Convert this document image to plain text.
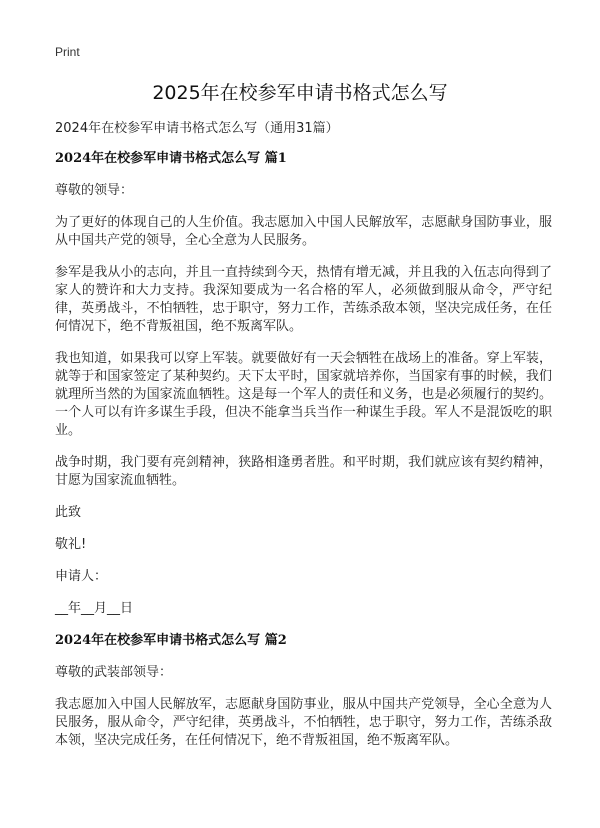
Print
2025年在校参军申请书格式怎么写

2024年在校参军申请书格式怎么写（通用31篇）

2024年在校参军申请书格式怎么写 篇1

尊敬的领导：

为了更好的体现自己的人生价值。我志愿加入中国人民解放军，志愿献身国防事业，服从中国共产党的领导，全心全意为人民服务。

参军是我从小的志向，并且一直持续到今天，热情有增无减，并且我的入伍志向得到了家人的赞许和大力支持。我深知要成为一名合格的军人，必须做到服从命令，严守纪律，英勇战斗，不怕牺牲，忠于职守，努力工作，苦练杀敌本领，坚决完成任务，在任何情况下，绝不背叛祖国，绝不叛离军队。

我也知道，如果我可以穿上军装。就要做好有一天会牺牲在战场上的准备。穿上军装，就等于和国家签定了某种契约。天下太平时，国家就培养你，当国家有事的时候，我们就理所当然的为国家流血牺牲。这是每一个军人的责任和义务，也是必须履行的契约。一个人可以有许多谋生手段，但决不能拿当兵当作一种谋生手段。军人不是混饭吃的职业。

战争时期，我门要有亮剑精神，狭路相逢勇者胜。和平时期，我们就应该有契约精神，甘愿为国家流血牺牲。

此致

敬礼!

申请人：

__年__月__日

2024年在校参军申请书格式怎么写 篇2

尊敬的武装部领导：

我志愿加入中国人民解放军，志愿献身国防事业，服从中国共产党领导，全心全意为人民服务，服从命令，严守纪律，英勇战斗，不怕牺牲，忠于职守，努力工作，苦练杀敌本领，坚决完成任务，在任何情况下，绝不背叛祖国，绝不叛离军队。
